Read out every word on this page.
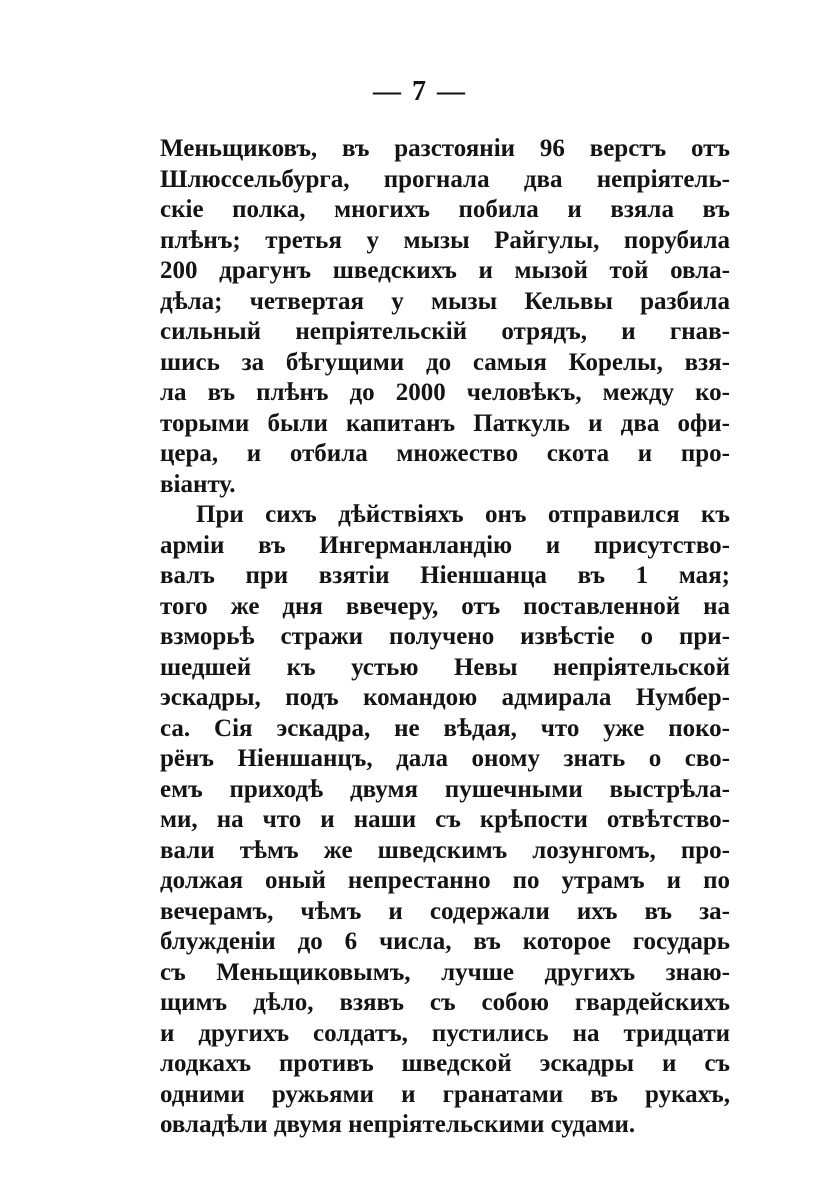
— 7 —
Меньщиковъ, въ разстояніи 96 верстъ отъ
Шлюссельбурга, прогнала два непріятель-
скіе полка, многихъ побила и взяла въ
плѣнъ; третья у мызы Райгулы, порубила
200 драгунъ шведскихъ и мызой той овла-
дѣла; четвертая у мызы Кельвы разбила
сильный непріятельскій отрядъ, и гнав-
шись за бѣгущими до самыя Корелы, взя-
ла въ плѣнъ до 2000 человѣкъ, между ко-
торыми были капитанъ Паткуль и два офи-
цера, и отбила множество скота и про-
віанту.
При сихъ дѣйствіяхъ онъ отправился къ
арміи въ Ингерманландію и присутство-
валъ при взятіи Ніеншанца въ 1 мая;
того же дня ввечеру, отъ поставленной на
взморьѣ стражи получено извѣстіе о при-
шедшей къ устью Невы непріятельской
эскадры, подъ командою адмирала Нумбер-
са. Сія эскадра, не вѣдая, что уже поко-
рёнъ Ніеншанцъ, дала оному знать о сво-
емъ приходѣ двумя пушечными выстрѣла-
ми, на что и наши съ крѣпости отвѣтство-
вали тѣмъ же шведскимъ лозунгомъ, про-
должая оный непрестанно по утрамъ и по
вечерамъ, чѣмъ и содержали ихъ въ за-
блужденіи до 6 числа, въ которое государь
съ Меньщиковымъ, лучше другихъ знаю-
щимъ дѣло, взявъ съ собою гвардейскихъ
и другихъ солдатъ, пустились на тридцати
лодкахъ противъ шведской эскадры и съ
одними ружьями и гранатами въ рукахъ,
овладѣли двумя непріятельскими судами.
